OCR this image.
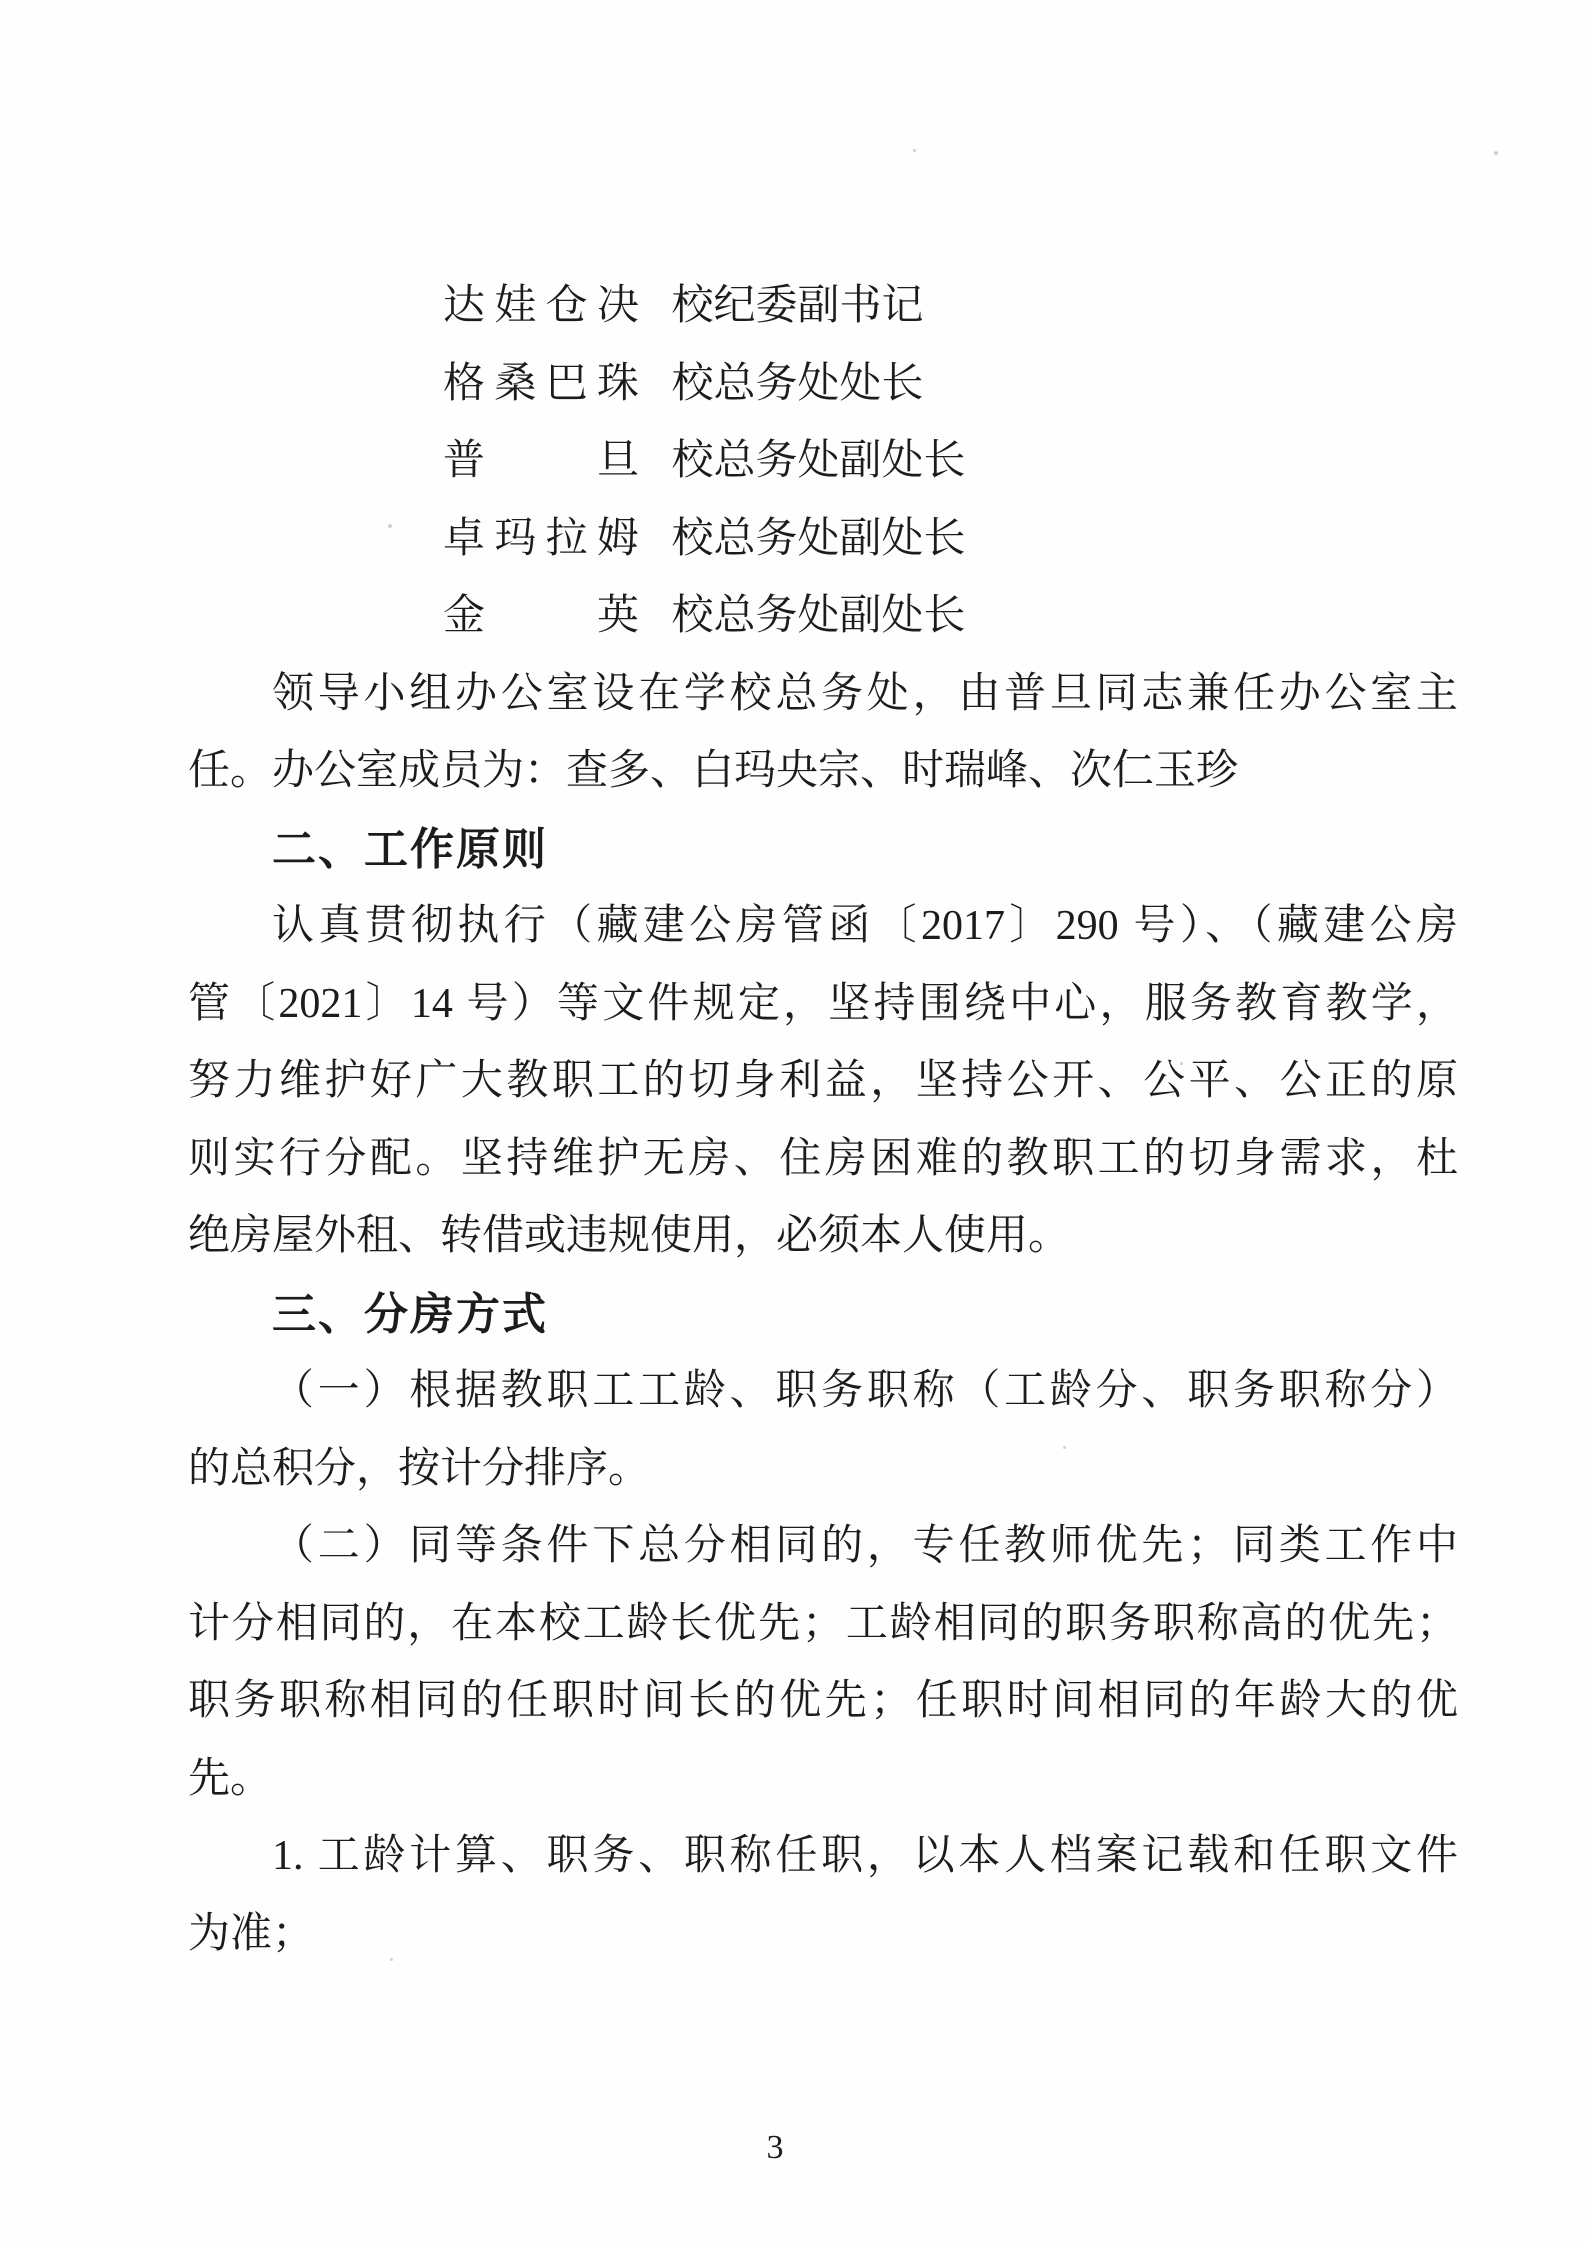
达娃仓决 校纪委副书记
格桑巴珠 校总务处处长
普旦 校总务处副处长
卓玛拉姆 校总务处副处长
金英 校总务处副处长
领导小组办公室设在学校总务处，由普旦同志兼任办公室主
任。办公室成员为：查多、白玛央宗、时瑞峰、次仁玉珍
二、工作原则
认真贯彻执行（藏建公房管函〔2017〕290 号）、（藏建公房
管〔2021〕14 号）等文件规定，坚持围绕中心，服务教育教学，
努力维护好广大教职工的切身利益，坚持公开、公平、公正的原
则实行分配。坚持维护无房、住房困难的教职工的切身需求，杜
绝房屋外租、转借或违规使用，必须本人使用。
三、分房方式
（一）根据教职工工龄、职务职称（工龄分、职务职称分）
的总积分，按计分排序。
（二）同等条件下总分相同的，专任教师优先；同类工作中
计分相同的，在本校工龄长优先；工龄相同的职务职称高的优先；
职务职称相同的任职时间长的优先；任职时间相同的年龄大的优
先。
1. 工龄计算、职务、职称任职，以本人档案记载和任职文件
为准；
3
